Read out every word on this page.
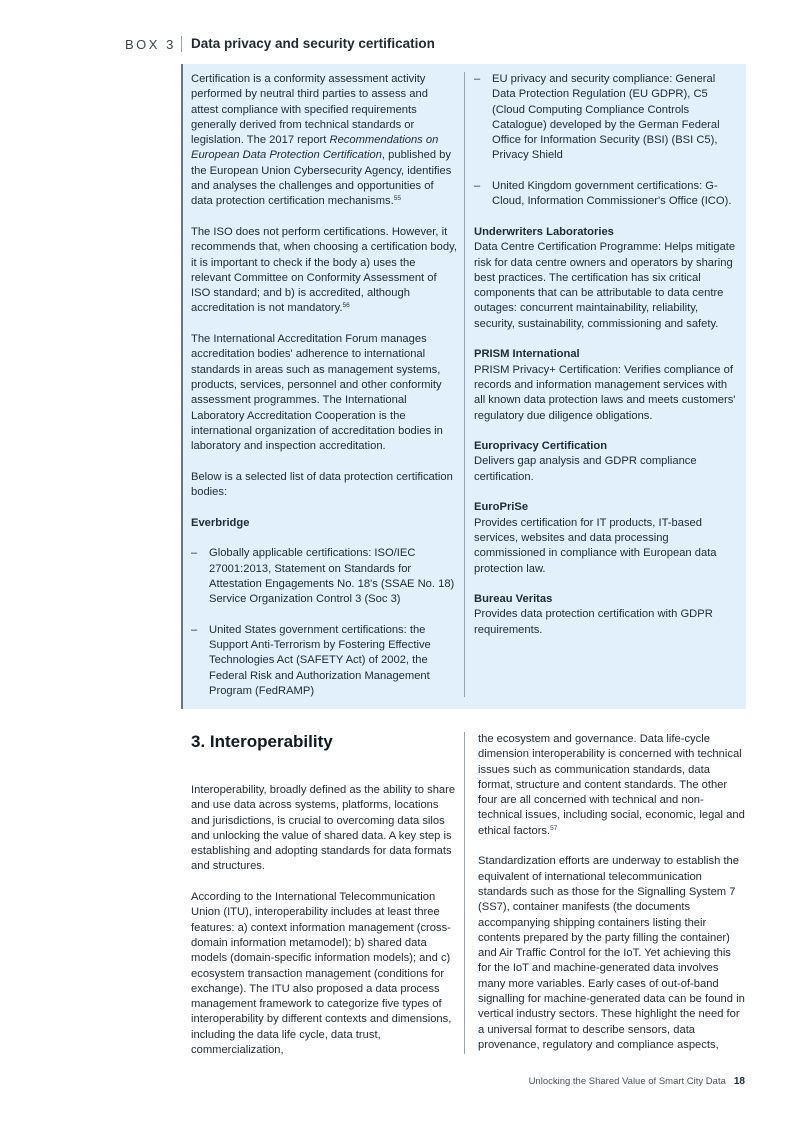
BOX 3 Data privacy and security certification

Certification is a conformity assessment activity performed by neutral third parties to assess and attest compliance with specified requirements generally derived from technical standards or legislation. The 2017 report Recommendations on European Data Protection Certification, published by the European Union Cybersecurity Agency, identifies and analyses the challenges and opportunities of data protection certification mechanisms.$^{55}$

The ISO does not perform certifications. However, it recommends that, when choosing a certification body, it is important to check if the body a) uses the relevant Committee on Conformity Assessment of ISO standard; and b) is accredited, although accreditation is not mandatory.$^{56}$

The International Accreditation Forum manages accreditation bodies' adherence to international standards in areas such as management systems, products, services, personnel and other conformity assessment programmes. The International Laboratory Accreditation Cooperation is the international organization of accreditation bodies in laboratory and inspection accreditation.

Below is a selected list of data protection certification bodies:

Everbridge

– Globally applicable certifications: ISO/IEC 27001:2013, Statement on Standards for Attestation Engagements No. 18's (SSAE No. 18) Service Organization Control 3 (Soc 3)
– United States government certifications: the Support Anti-Terrorism by Fostering Effective Technologies Act (SAFETY Act) of 2002, the Federal Risk and Authorization Management Program (FedRAMP)
– EU privacy and security compliance: General Data Protection Regulation (EU GDPR), C5 (Cloud Computing Compliance Controls Catalogue) developed by the German Federal Office for Information Security (BSI) (BSI C5), Privacy Shield
– United Kingdom government certifications: G-Cloud, Information Commissioner's Office (ICO).

Underwriters Laboratories

Data Centre Certification Programme: Helps mitigate risk for data centre owners and operators by sharing best practices. The certification has six critical components that can be attributable to data centre outages: concurrent maintainability, reliability, security, sustainability, commissioning and safety.

PRISM International

PRISM Privacy+ Certification: Verifies compliance of records and information management services with all known data protection laws and meets customers' regulatory due diligence obligations.

Europrivacy Certification

Delivers gap analysis and GDPR compliance certification.

EuroPriSe

Provides certification for IT products, IT-based services, websites and data processing commissioned in compliance with European data protection law.

Bureau Veritas

Provides data protection certification with GDPR requirements.

3. Interoperability

Interoperability, broadly defined as the ability to share and use data across systems, platforms, locations and jurisdictions, is crucial to overcoming data silos and unlocking the value of shared data. A key step is establishing and adopting standards for data formats and structures.

According to the International Telecommunication Union (ITU), interoperability includes at least three features: a) context information management (cross-domain information metamodel); b) shared data models (domain-specific information models); and c) ecosystem transaction management (conditions for exchange). The ITU also proposed a data process management framework to categorize five types of interoperability by different contexts and dimensions, including the data life cycle, data trust, commercialization,

the ecosystem and governance. Data life-cycle dimension interoperability is concerned with technical issues such as communication standards, data format, structure and content standards. The other four are all concerned with technical and non-technical issues, including social, economic, legal and ethical factors.$^{57}$

Standardization efforts are underway to establish the equivalent of international telecommunication standards such as those for the Signalling System 7 (SS7), container manifests (the documents accompanying shipping containers listing their contents prepared by the party filling the container) and Air Traffic Control for the IoT. Yet achieving this for the IoT and machine-generated data involves many more variables. Early cases of out-of-band signalling for machine-generated data can be found in vertical industry sectors. These highlight the need for a universal format to describe sensors, data provenance, regulatory and compliance aspects,

Unlocking the Shared Value of Smart City Data 18
